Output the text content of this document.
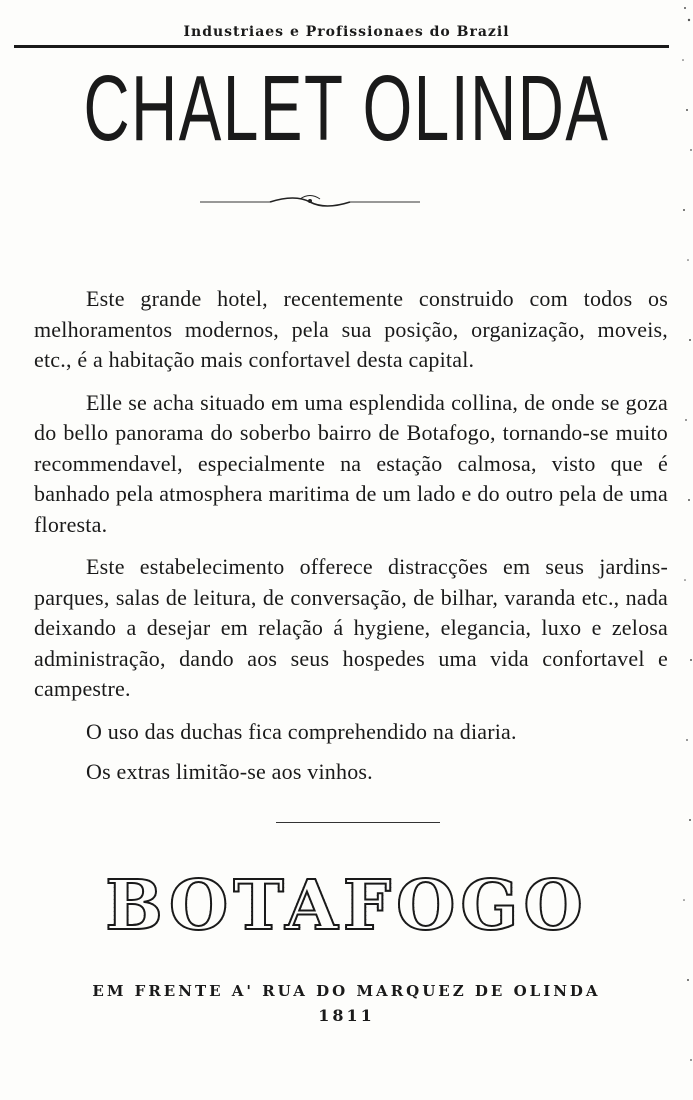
Industriaes e Profissionaes do Brazil
CHALET OLINDA

Este grande hotel, recentemente construido com todos os melhoramentos modernos, pela sua posição, organização, moveis, etc., é a habitação mais confortavel desta capital.

Elle se acha situado em uma esplendida collina, de onde se goza do bello panorama do soberbo bairro de Botafogo, tornando-se muito recommendavel, especialmente na estação calmosa, visto que é banhado pela atmosphera maritima de um lado e do outro pela de uma floresta.

Este estabelecimento offerece distracções em seus jardins-parques, salas de leitura, de conversação, de bilhar, varanda etc., nada deixando a desejar em relação á hygiene, elegancia, luxo e zelosa administração, dando aos seus hospedes uma vida confortavel e campestre.

O uso das duchas fica comprehendido na diaria.

Os extras limitão-se aos vinhos.

BOTAFOGO
EM FRENTE A' RUA DO MARQUEZ DE OLINDA
1811
